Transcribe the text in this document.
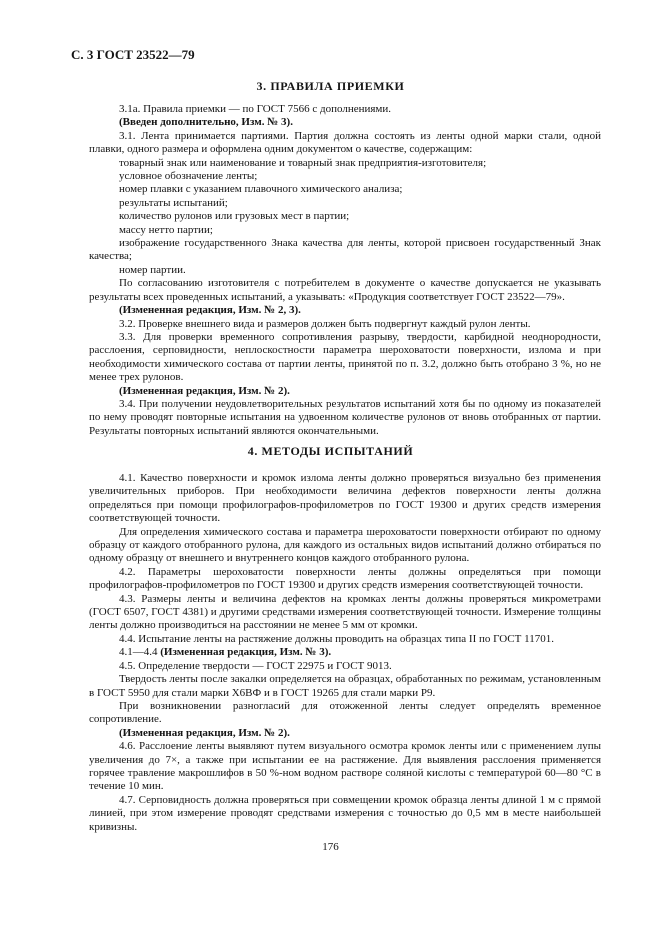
С. 3 ГОСТ 23522—79
3. ПРАВИЛА ПРИЕМКИ

3.1а. Правила приемки — по ГОСТ 7566 с дополнениями.

(Введен дополнительно, Изм. № 3).

3.1. Лента принимается партиями. Партия должна состоять из ленты одной марки стали, одной плавки, одного размера и оформлена одним документом о качестве, содержащим:

товарный знак или наименование и товарный знак предприятия-изготовителя;

условное обозначение ленты;

номер плавки с указанием плавочного химического анализа;

результаты испытаний;

количество рулонов или грузовых мест в партии;

массу нетто партии;

изображение государственного Знака качества для ленты, которой присвоен государственный Знак качества;

номер партии.

По согласованию изготовителя с потребителем в документе о качестве допускается не указывать результаты всех проведенных испытаний, а указывать: «Продукция соответствует ГОСТ 23522—79».

(Измененная редакция, Изм. № 2, 3).

3.2. Проверке внешнего вида и размеров должен быть подвергнут каждый рулон ленты.

3.3. Для проверки временного сопротивления разрыву, твердости, карбидной неоднородности, расслоения, серповидности, неплоскостности параметра шероховатости поверхности, излома и при необходимости химического состава от партии ленты, принятой по п. 3.2, должно быть отобрано 3 %, но не менее трех рулонов.

(Измененная редакция, Изм. № 2).

3.4. При получении неудовлетворительных результатов испытаний хотя бы по одному из показателей по нему проводят повторные испытания на удвоенном количестве рулонов от вновь отобранных от партии. Результаты повторных испытаний являются окончательными.

4. МЕТОДЫ ИСПЫТАНИЙ

4.1. Качество поверхности и кромок излома ленты должно проверяться визуально без применения увеличительных приборов. При необходимости величина дефектов поверхности ленты должна определяться при помощи профилографов-профилометров по ГОСТ 19300 и других средств измерения соответствующей точности.

Для определения химического состава и параметра шероховатости поверхности отбирают по одному образцу от каждого отобранного рулона, для каждого из остальных видов испытаний должно отбираться по одному образцу от внешнего и внутреннего концов каждого отобранного рулона.

4.2. Параметры шероховатости поверхности ленты должны определяться при помощи профилографов-профилометров по ГОСТ 19300 и других средств измерения соответствующей точности.

4.3. Размеры ленты и величина дефектов на кромках ленты должны проверяться микрометрами (ГОСТ 6507, ГОСТ 4381) и другими средствами измерения соответствующей точности. Измерение толщины ленты должно производиться на расстоянии не менее 5 мм от кромки.

4.4. Испытание ленты на растяжение должны проводить на образцах типа II по ГОСТ 11701.

4.1—4.4 (Измененная редакция, Изм. № 3).

4.5. Определение твердости — ГОСТ 22975 и ГОСТ 9013.

Твердость ленты после закалки определяется на образцах, обработанных по режимам, установленным в ГОСТ 5950 для стали марки Х6ВФ и в ГОСТ 19265 для стали марки Р9.

При возникновении разногласий для отожженной ленты следует определять временное сопротивление.

(Измененная редакция, Изм. № 2).

4.6. Расслоение ленты выявляют путем визуального осмотра кромок ленты или с применением лупы увеличения до 7×, а также при испытании ее на растяжение. Для выявления расслоения применяется горячее травление макрошлифов в 50 %-ном водном растворе соляной кислоты с температурой 60—80 °С в течение 10 мин.

4.7. Серповидность должна проверяться при совмещении кромок образца ленты длиной 1 м с прямой линией, при этом измерение проводят средствами измерения с точностью до 0,5 мм в месте наибольшей кривизны.

176
